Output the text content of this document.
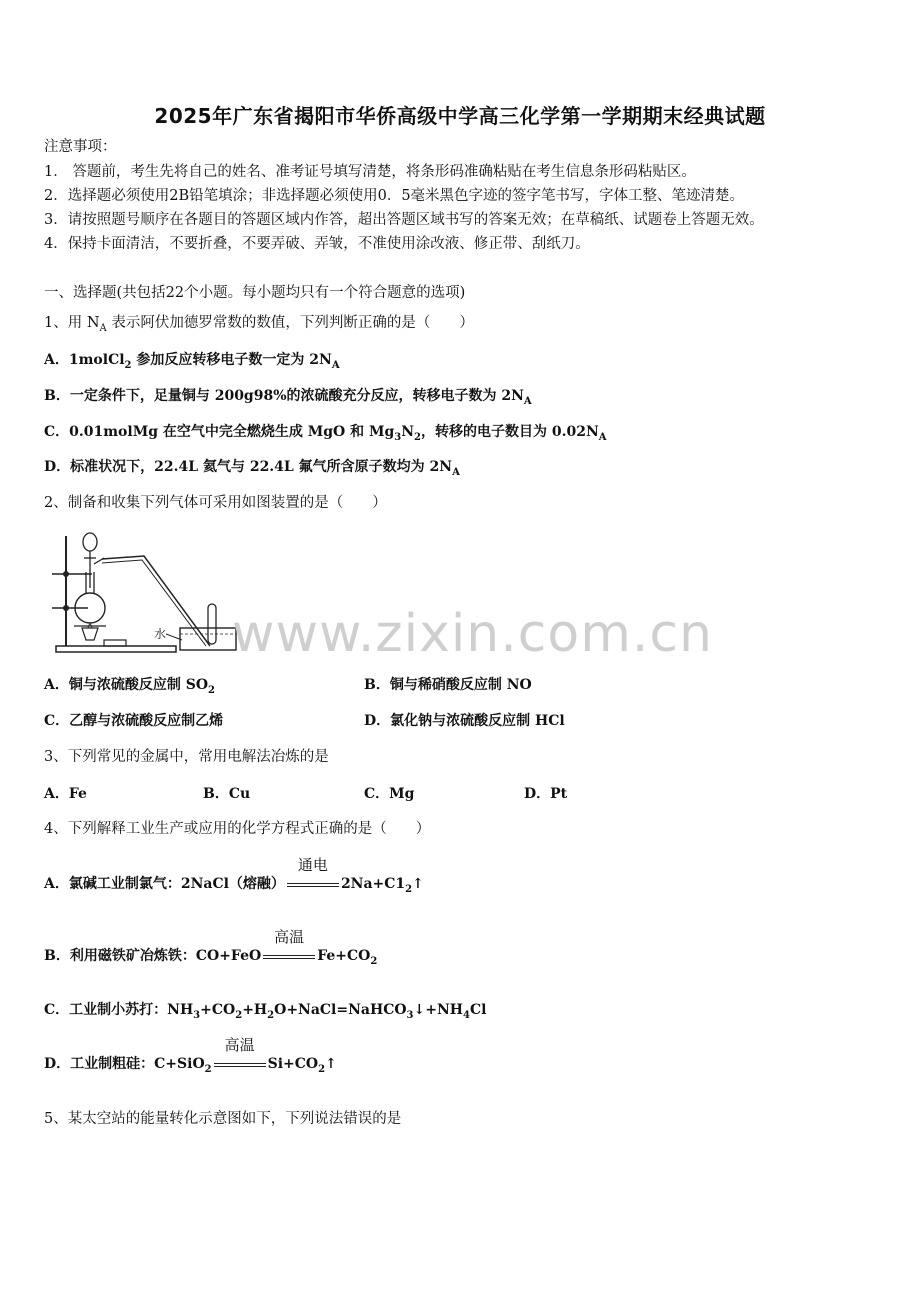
2025年广东省揭阳市华侨高级中学高三化学第一学期期末经典试题
注意事项：
1． 答题前，考生先将自己的姓名、准考证号填写清楚，将条形码准确粘贴在考生信息条形码粘贴区。
2．选择题必须使用2B铅笔填涂；非选择题必须使用0．5毫米黑色字迹的签字笔书写，字体工整、笔迹清楚。
3．请按照题号顺序在各题目的答题区域内作答，超出答题区域书写的答案无效；在草稿纸、试题卷上答题无效。
4．保持卡面清洁，不要折叠，不要弄破、弄皱，不准使用涂改液、修正带、刮纸刀。
一、选择题(共包括22个小题。每小题均只有一个符合题意的选项)
1、用 $N_A$ 表示阿伏加德罗常数的数值，下列判断正确的是（　　）
A．1molCl$_2$ 参加反应转移电子数一定为 $2N_A$
B．一定条件下，足量铜与 200g98%的浓硫酸充分反应，转移电子数为 $2N_A$
C．0.01molMg 在空气中完全燃烧生成 MgO 和 $Mg_3N_2$，转移的电子数目为 $0.02N_A$
D．标准状况下，22.4L 氦气与 22.4L 氟气所含原子数均为 $2N_A$
2、制备和收集下列气体可采用如图装置的是（　　）
水
A．铜与浓硫酸反应制 $SO_2$	B．铜与稀硝酸反应制 NO
C．乙醇与浓硫酸反应制乙烯	D．氯化钠与浓硫酸反应制 HCl
3、下列常见的金属中，常用电解法冶炼的是
A．Fe	B．Cu	C．Mg	D．Pt
4、下列解释工业生产或应用的化学方程式正确的是（　　）
A．氯碱工业制氯气：2NaCl（熔融）
通电
$2Na+C1_2↑$
B．利用磁铁矿冶炼铁：CO+FeO
高温
$Fe+CO_2$
C．工业制小苏打：$NH_3+CO_2+H_2O+NaCl=NaHCO_3↓+NH_4Cl$
D．工业制粗硅：C+SiO$_2$
高温
$Si+CO_2↑$
5、某太空站的能量转化示意图如下，下列说法错误的是
www.zixin.com.cn
